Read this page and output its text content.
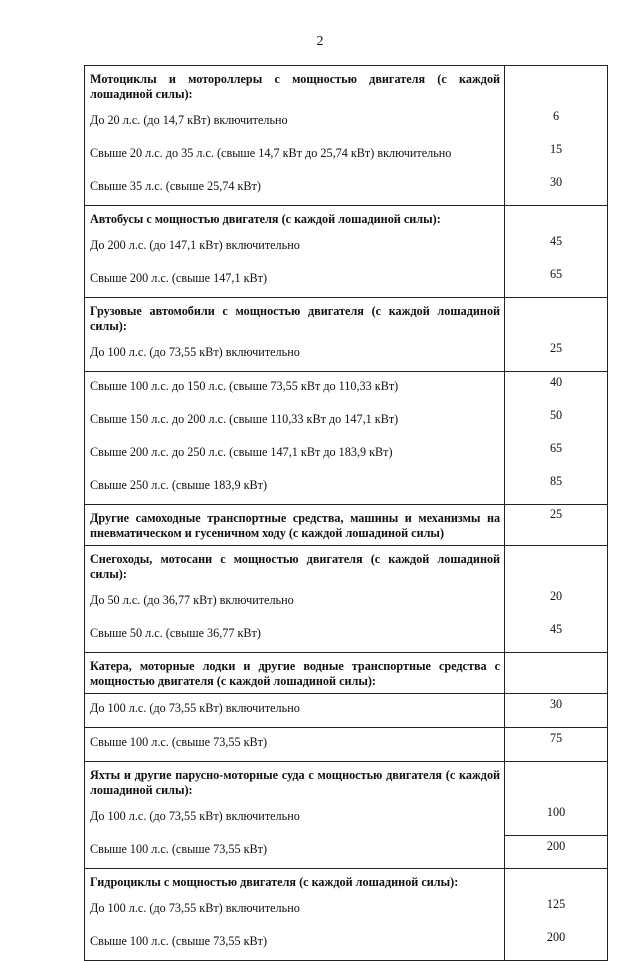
2
Мотоциклы и мотороллеры с мощностью двигателя (с каждой лошадиной силы):	
До 20 л.с. (до 14,7 кВт) включительно	6
Свыше 20 л.с. до 35 л.с. (свыше 14,7 кВт до 25,74 кВт) включительно	15
Свыше 35 л.с. (свыше 25,74 кВт)	30
Автобусы с мощностью двигателя (с каждой лошадиной силы):	
До 200 л.с. (до 147,1 кВт) включительно	45
Свыше 200 л.с. (свыше 147,1 кВт)	65
Грузовые автомобили с мощностью двигателя (с каждой лошадиной силы):	
До 100 л.с. (до 73,55 кВт) включительно	25
Свыше 100 л.с. до 150 л.с. (свыше 73,55 кВт до 110,33 кВт)	40
Свыше 150 л.с. до 200 л.с. (свыше 110,33 кВт до 147,1 кВт)	50
Свыше 200 л.с. до 250 л.с. (свыше 147,1 кВт до 183,9 кВт)	65
Свыше 250 л.с. (свыше 183,9 кВт)	85
Другие самоходные транспортные средства, машины и механизмы на пневматическом и гусеничном ходу (с каждой лошадиной силы)	25
Снегоходы, мотосани с мощностью двигателя (с каждой лошадиной силы):	
До 50 л.с. (до 36,77 кВт) включительно	20
Свыше 50 л.с. (свыше 36,77 кВт)	45
Катера, моторные лодки и другие водные транспортные средства с мощностью двигателя (с каждой лошадиной силы):	
До 100 л.с. (до 73,55 кВт) включительно	30
Свыше 100 л.с. (свыше 73,55 кВт)	75
Яхты и другие парусно-моторные суда с мощностью двигателя (с каждой лошадиной силы):	
До 100 л.с. (до 73,55 кВт) включительно	100
Свыше 100 л.с. (свыше 73,55 кВт)	200
Гидроциклы с мощностью двигателя (с каждой лошадиной силы):	
До 100 л.с. (до 73,55 кВт) включительно	125
Свыше 100 л.с. (свыше 73,55 кВт)	200
